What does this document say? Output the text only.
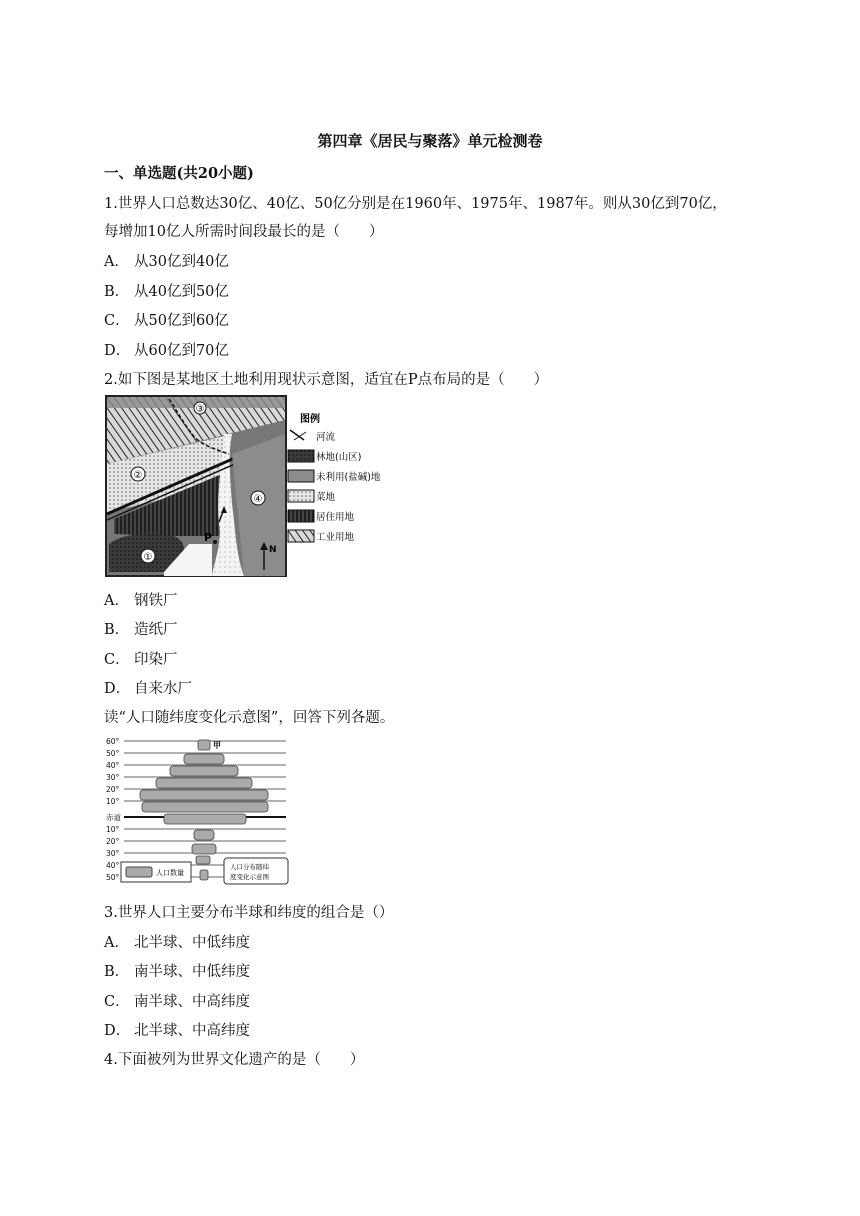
第四章《居民与聚落》单元检测卷
一、单选题(共20小题)
1.世界人口总数达30亿、40亿、50亿分别是在1960年、1975年、1987年。则从30亿到70亿，
每增加10亿人所需时间段最长的是（　　）
A． 从30亿到40亿
B． 从40亿到50亿
C． 从50亿到60亿
D． 从60亿到70亿
2.如下图是某地区土地利用现状示意图，适宜在P点布局的是（　　）
③
②
④
①
P
N
图例
河流
林地(山区)
未利用(盐碱)地
菜地
居住用地
工业用地
A． 钢铁厂
B． 造纸厂
C． 印染厂
D． 自来水厂
读“人口随纬度变化示意图”，回答下列各题。
60°
50°
40°
30°
20°
10°
赤道
10°
20°
30°
40°
50°
甲
人口数量
人口分布随纬
度变化示意图
3.世界人口主要分布半球和纬度的组合是（）
A． 北半球、中低纬度
B． 南半球、中低纬度
C． 南半球、中高纬度
D． 北半球、中高纬度
4.下面被列为世界文化遗产的是（　　）
